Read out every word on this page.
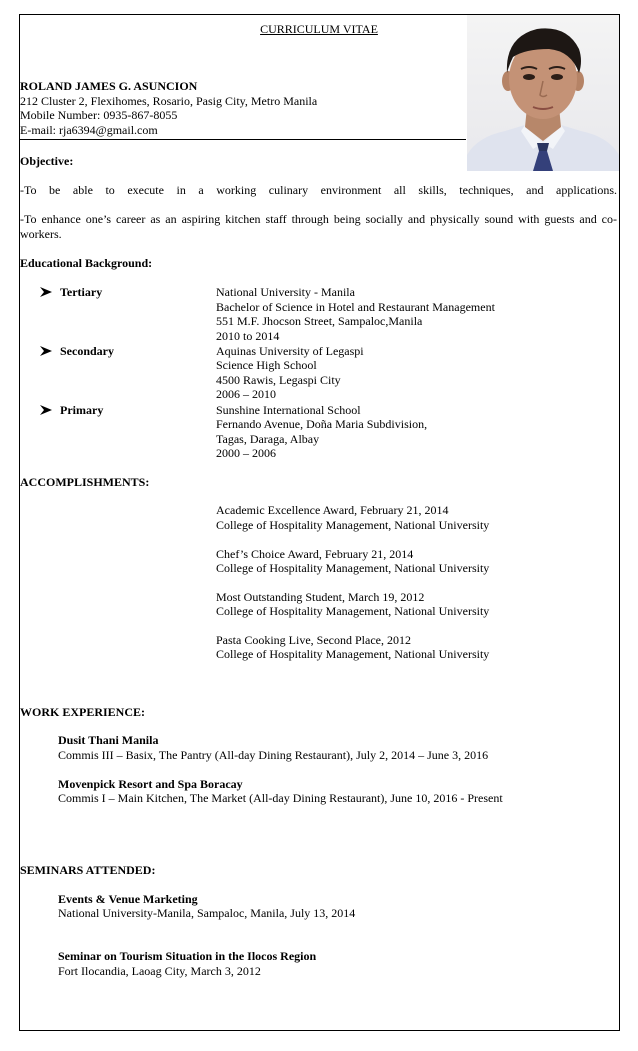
CURRICULUM VITAE
ROLAND JAMES G. ASUNCION
212 Cluster 2, Flexihomes, Rosario, Pasig City, Metro Manila
Mobile Number: 0935-867-8055
E-mail: rja6394@gmail.com
Objective:
-To be able to execute in a working culinary environment all skills, techniques, and applications.
-To enhance one’s career as an aspiring kitchen staff through being socially and physically sound with guests and co-
workers.
Educational Background:
Tertiary	National University - Manila
Bachelor of Science in Hotel and Restaurant Management
551 M.F. Jhocson Street, Sampaloc,Manila
2010 to 2014
Secondary	Aquinas University of Legaspi
Science High School
4500 Rawis, Legaspi City
2006 – 2010
Primary	Sunshine International School
Fernando Avenue, Doña Maria Subdivision,
Tagas, Daraga, Albay
2000 – 2006
ACCOMPLISHMENTS:
Academic Excellence Award, February 21, 2014
College of Hospitality Management, National University
Chef’s Choice Award, February 21, 2014
College of Hospitality Management, National University
Most Outstanding Student, March 19, 2012
College of Hospitality Management, National University
Pasta Cooking Live, Second Place, 2012
College of Hospitality Management, National University
WORK EXPERIENCE:
Dusit Thani Manila
Commis III – Basix, The Pantry (All-day Dining Restaurant), July 2, 2014 – June 3, 2016
Movenpick Resort and Spa Boracay
Commis I – Main Kitchen, The Market (All-day Dining Restaurant), June 10, 2016 - Present
SEMINARS ATTENDED:
Events & Venue Marketing
National University-Manila, Sampaloc, Manila, July 13, 2014
Seminar on Tourism Situation in the Ilocos Region
Fort Ilocandia, Laoag City, March 3, 2012
